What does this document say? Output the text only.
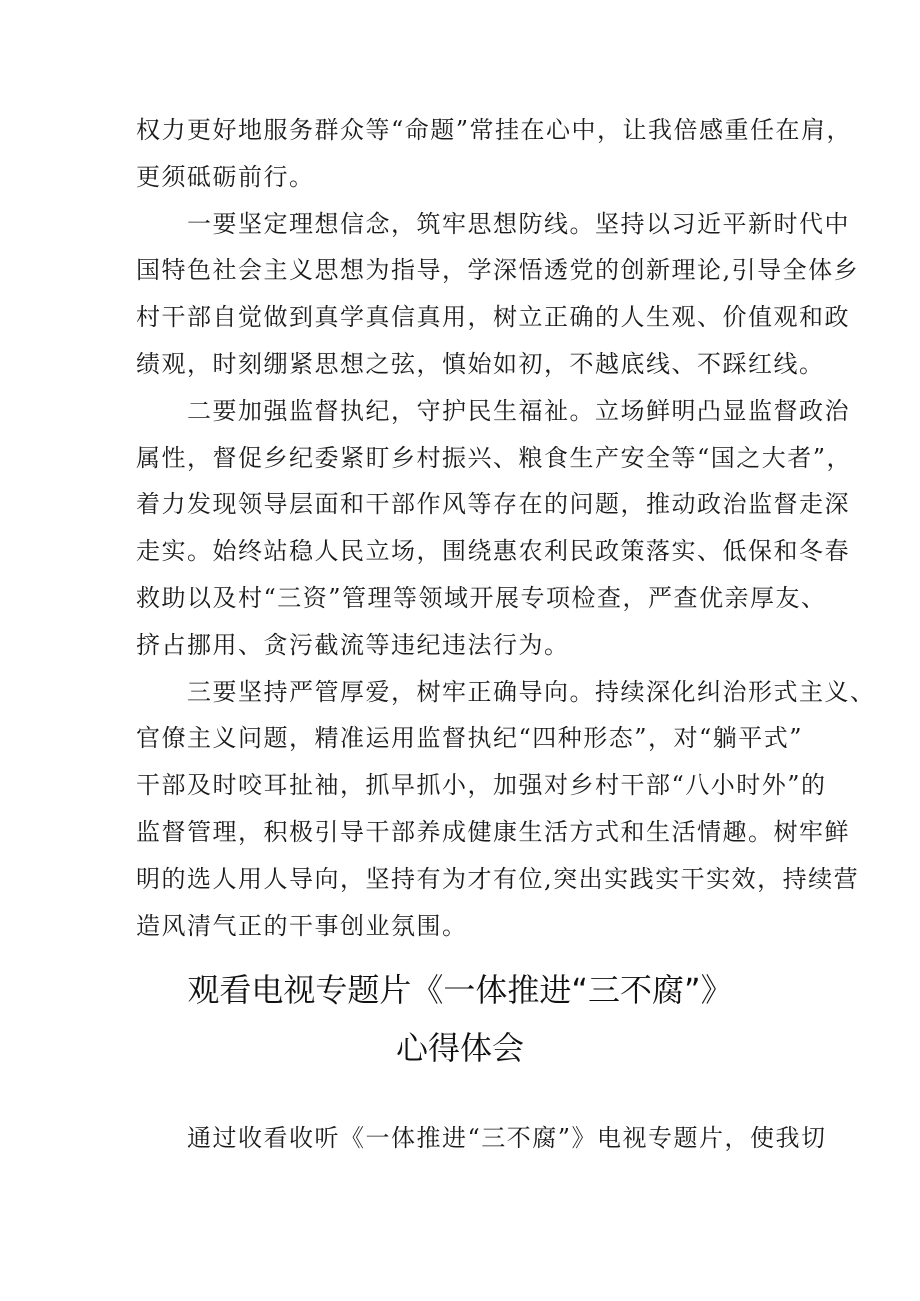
权力更好地服务群众等“命题”常挂在心中，让我倍感重任在肩，
更须砥砺前行。
　　一要坚定理想信念，筑牢思想防线。坚持以习近平新时代中
国特色社会主义思想为指导，学深悟透党的创新理论,引导全体乡
村干部自觉做到真学真信真用，树立正确的人生观、价值观和政
绩观，时刻绷紧思想之弦，慎始如初，不越底线、不踩红线。
　　二要加强监督执纪，守护民生福祉。立场鲜明凸显监督政治
属性，督促乡纪委紧盯乡村振兴、粮食生产安全等“国之大者”，
着力发现领导层面和干部作风等存在的问题，推动政治监督走深
走实。始终站稳人民立场，围绕惠农利民政策落实、低保和冬春
救助以及村“三资”管理等领域开展专项检查，严查优亲厚友、
挤占挪用、贪污截流等违纪违法行为。
　　三要坚持严管厚爱，树牢正确导向。持续深化纠治形式主义、
官僚主义问题，精准运用监督执纪“四种形态”，对“躺平式”
干部及时咬耳扯袖，抓早抓小，加强对乡村干部“八小时外”的
监督管理，积极引导干部养成健康生活方式和生活情趣。树牢鲜
明的选人用人导向，坚持有为才有位,突出实践实干实效，持续营
造风清气正的干事创业氛围。
观看电视专题片《一体推进“三不腐”》
心得体会
　　通过收看收听《一体推进“三不腐”》电视专题片，使我切
